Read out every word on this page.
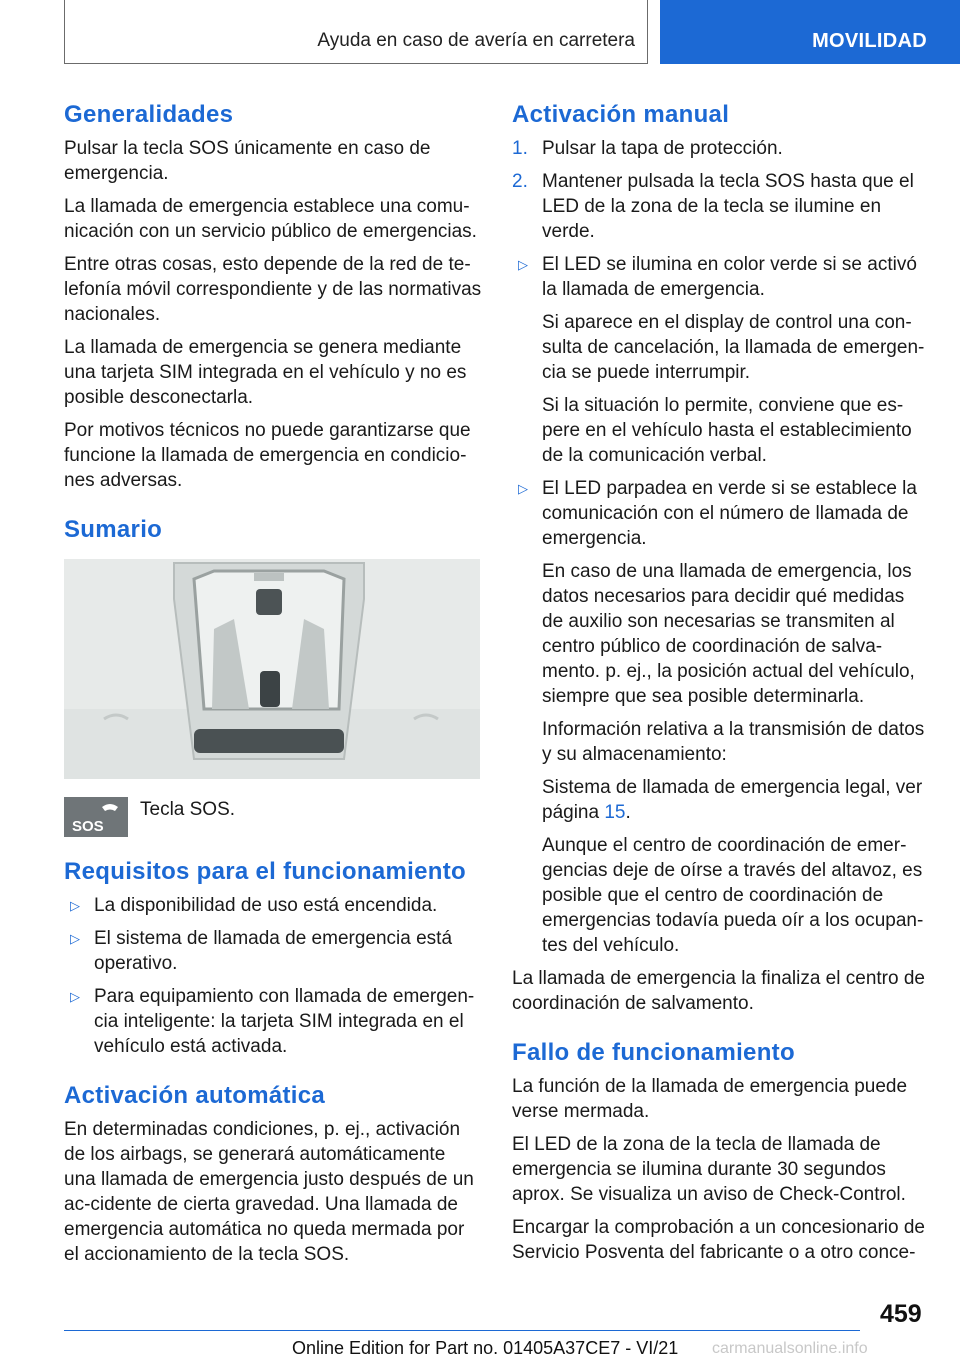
Ayuda en caso de avería en carretera	MOVILIDAD
Generalidades

Pulsar la tecla SOS únicamente en caso de emergencia.

La llamada de emergencia establece una comu‐nicación con un servicio público de emergencias.

Entre otras cosas, esto depende de la red de te‐lefonía móvil correspondiente y de las normativas nacionales.

La llamada de emergencia se genera mediante una tarjeta SIM integrada en el vehículo y no es posible desconectarla.

Por motivos técnicos no puede garantizarse que funcione la llamada de emergencia en condicio‐nes adversas.

Sumario
SOS
Tecla SOS.
Requisitos para el funcionamiento
▷ La disponibilidad de uso está encendida.
▷ El sistema de llamada de emergencia está operativo.
▷ Para equipamiento con llamada de emergen‐cia inteligente: la tarjeta SIM integrada en el vehículo está activada.
Activación automática

En determinadas condiciones, p. ej., activación de los airbags, se generará automáticamente una llamada de emergencia justo después de un ac‐cidente de cierta gravedad. Una llamada de emergencia automática no queda mermada por el accionamiento de la tecla SOS.

Activación manual
1. Pulsar la tapa de protección.
2. Mantener pulsada la tecla SOS hasta que el LED de la zona de la tecla se ilumine en verde.
▷ El LED se ilumina en color verde si se activó la llamada de emergencia.

Si aparece en el display de control una con‐sulta de cancelación, la llamada de emergen‐cia se puede interrumpir.

Si la situación lo permite, conviene que es‐pere en el vehículo hasta el establecimiento de la comunicación verbal.

▷ El LED parpadea en verde si se establece la comunicación con el número de llamada de emergencia.

En caso de una llamada de emergencia, los datos necesarios para decidir qué medidas de auxilio son necesarias se transmiten al centro público de coordinación de salva‐mento. p. ej., la posición actual del vehículo, siempre que sea posible determinarla.

Información relativa a la transmisión de datos y su almacenamiento:

Sistema de llamada de emergencia legal, ver página 15.

Aunque el centro de coordinación de emer‐gencias deje de oírse a través del altavoz, es posible que el centro de coordinación de emergencias todavía pueda oír a los ocupan‐tes del vehículo.

La llamada de emergencia la finaliza el centro de coordinación de salvamento.

Fallo de funcionamiento

La función de la llamada de emergencia puede verse mermada.

El LED de la zona de la tecla de llamada de emergencia se ilumina durante 30 segundos aprox. Se visualiza un aviso de Check-Control.

Encargar la comprobación a un concesionario de Servicio Posventa del fabricante o a otro conce‐

459
Online Edition for Part no. 01405A37CE7 - VI/21 carmanualsonline.info
